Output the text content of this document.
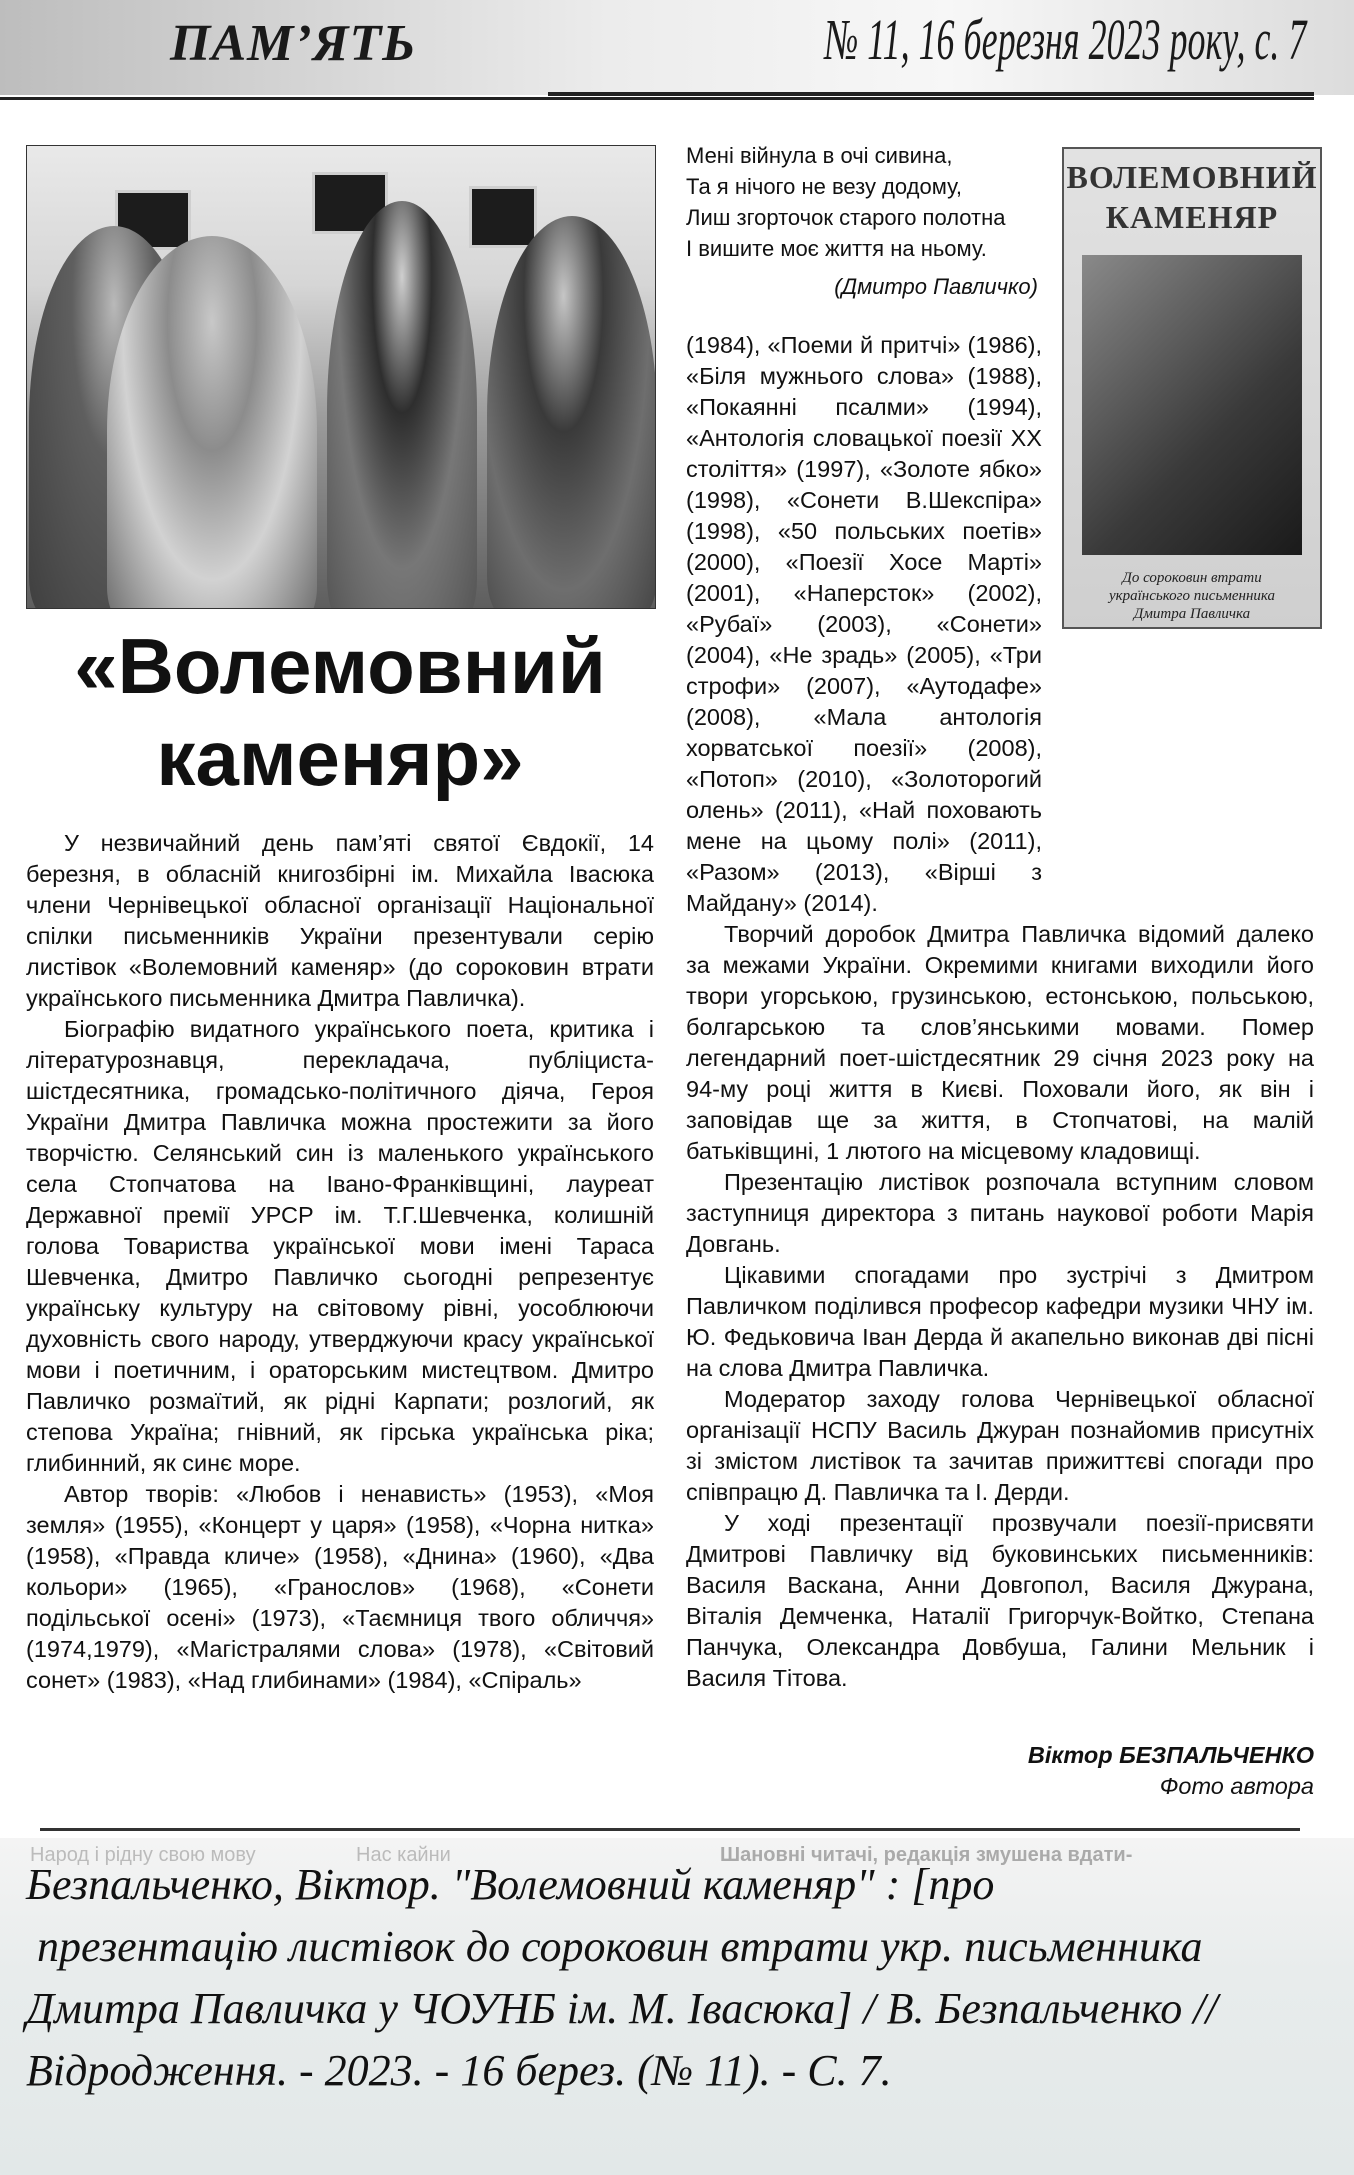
ПАМ’ЯТЬ	№ 11, 16 березня 2023 року, с. 7
ВОЛЕМОВНИЙ
КАМЕНЯР
До сороковин втрати
українського письменника
Дмитра Павличка
«Волемовний
каменяр»
Мені війнула в очі сивина,
Та я нічого не везу додому,
Лиш згорточок старого полотна
І вишите моє життя на ньому.
(Дмитро Павличко)

У незвичайний день пам’яті святої Євдокії, 14 березня, в обласній книгозбірні ім. Михайла Івасюка члени Чернівецької обласної організації Національної спілки письменників України презентували серію листівок «Волемовний каменяр» (до сороковин втрати українського письменника Дмитра Павличка).

Біографію видатного українського поета, критика і літературознавця, перекладача, публіциста-шістдесятника, громадсько-політичного діяча, Героя України Дмитра Павличка можна простежити за його творчістю. Селянський син із маленького українського села Стопчатова на Івано-Франківщині, лауреат Державної премії УРСР ім. Т.Г.Шевченка, колишній голова Товариства української мови імені Тараса Шевченка, Дмитро Павличко сьогодні репрезентує українську культуру на світовому рівні, уособлюючи духовність свого народу, утверджуючи красу української мови і поетичним, і ораторським мистецтвом. Дмитро Павличко розмаїтий, як рідні Карпати; розлогий, як степова Україна; гнівний, як гірська українська ріка; глибинний, як синє море.

Автор творів: «Любов і ненависть» (1953), «Моя земля» (1955), «Концерт у царя» (1958), «Чорна нитка» (1958), «Правда кличе» (1958), «Днина» (1960), «Два кольори» (1965), «Гранослов» (1968), «Сонети подільської осені» (1973), «Таємниця твого обличчя» (1974,1979), «Магістралями слова» (1978), «Світовий сонет» (1983), «Над глибинами» (1984), «Спіраль»

(1984), «Поеми й притчі» (1986), «Біля мужнього слова» (1988), «Покаянні псалми» (1994), «Антологія словацької поезії ХХ століття» (1997), «Золоте ябко» (1998), «Сонети В.Шекспіра» (1998), «50 польських поетів» (2000), «Поезії Хосе Марті» (2001), «Наперсток» (2002), «Рубаї» (2003), «Сонети» (2004), «Не зрадь» (2005), «Три строфи» (2007), «Аутодафе» (2008), «Мала антологія хорватської поезії» (2008), «Потоп» (2010), «Золоторогий олень» (2011), «Най поховають мене на цьому полі» (2011), «Разом» (2013), «Вірші з Майдану» (2014).

Творчий доробок Дмитра Павличка відомий далеко за межами України. Окремими книгами виходили його твори угорською, грузинською, естонською, польською, болгарською та слов’янськими мовами. Помер легендарний поет-шістдесятник 29 січня 2023 року на 94-му році життя в Києві. Поховали його, як він і заповідав ще за життя, в Стопчатові, на малій батьківщині, 1 лютого на місцевому кладовищі.

Презентацію листівок розпочала вступним словом заступниця директора з питань наукової роботи Марія Довгань.

Цікавими спогадами про зустрічі з Дмитром Павличком поділився професор кафедри музики ЧНУ ім. Ю. Федьковича Іван Дерда й акапельно виконав дві пісні на слова Дмитра Павличка.

Модератор заходу голова Чернівецької обласної організації НСПУ Василь Джуран познайомив присутніх зі змістом листівок та зачитав прижиттєві спогади про співпрацю Д. Павличка та І. Дерди.

У ході презентації прозвучали поезії-присвяти Дмитрові Павличку від буковинських письменників: Василя Васкана, Анни Довгопол, Василя Джурана, Віталія Демченка, Наталії Григорчук-Войтко, Степана Панчука, Олександра Довбуша, Галини Мельник і Василя Тітова.

Віктор БЕЗПАЛЬЧЕНКО
Фото автора
Безпальченко, Віктор. "Волемовний каменяр" : [про
презентацію листівок до сороковин втрати укр. письменника
Дмитра Павличка у ЧОУНБ ім. М. Івасюка] / В. Безпальченко //
Відродження. - 2023. - 16 берез. (№ 11). - С. 7.
Народ і рідну свою мову	Нас кайни	Шановні читачі, редакція змушена вдати-
